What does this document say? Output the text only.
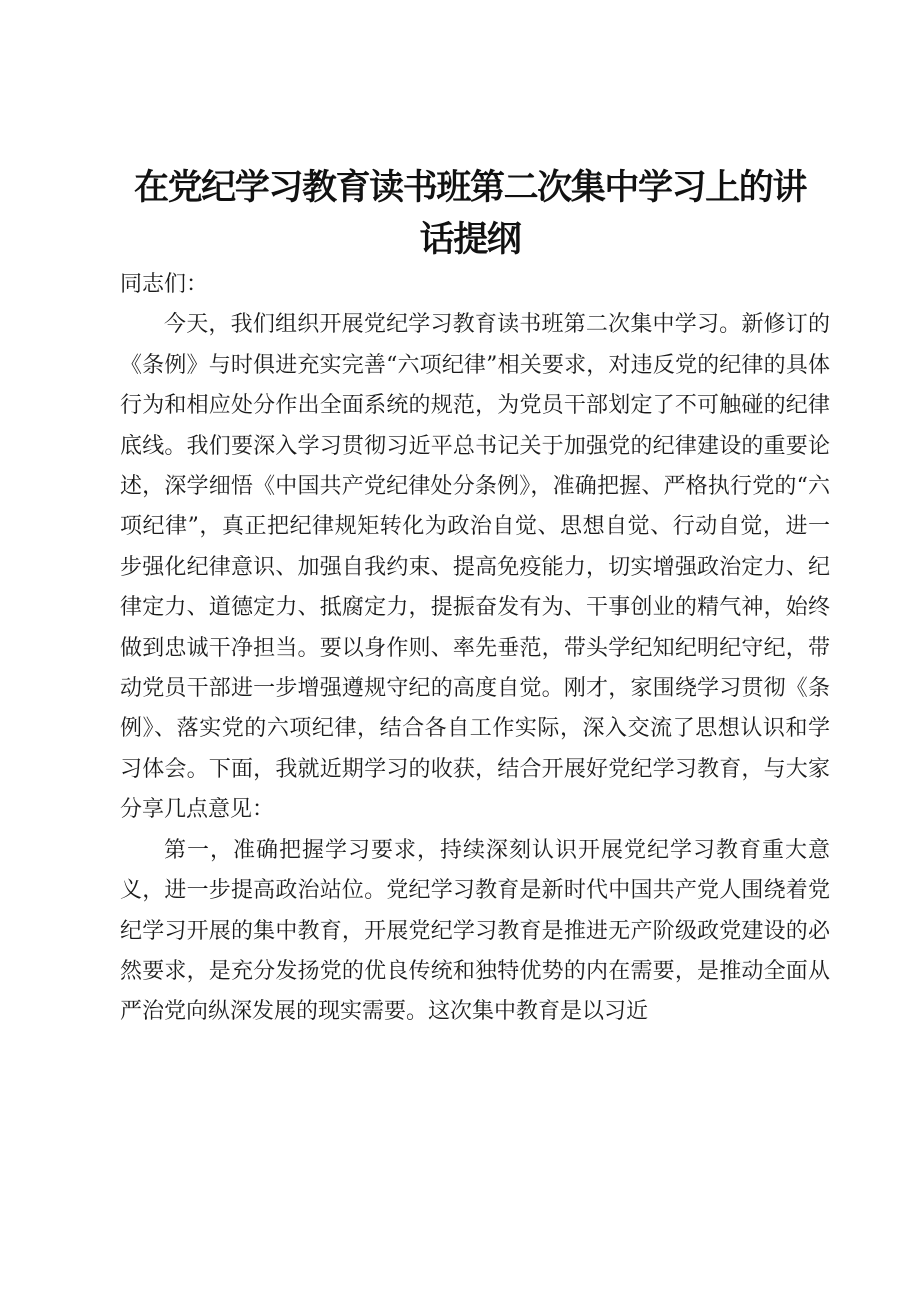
在党纪学习教育读书班第二次集中学习上的讲话提纲

同志们：

今天，我们组织开展党纪学习教育读书班第二次集中学习。新修订的《条例》与时俱进充实完善“六项纪律”相关要求，对违反党的纪律的具体行为和相应处分作出全面系统的规范，为党员干部划定了不可触碰的纪律底线。我们要深入学习贯彻习近平总书记关于加强党的纪律建设的重要论述，深学细悟《中国共产党纪律处分条例》，准确把握、严格执行党的“六项纪律”，真正把纪律规矩转化为政治自觉、思想自觉、行动自觉，进一步强化纪律意识、加强自我约束、提高免疫能力，切实增强政治定力、纪律定力、道德定力、抵腐定力，提振奋发有为、干事创业的精气神，始终做到忠诚干净担当。要以身作则、率先垂范，带头学纪知纪明纪守纪，带动党员干部进一步增强遵规守纪的高度自觉。刚才，家围绕学习贯彻《条例》、落实党的六项纪律，结合各自工作实际，深入交流了思想认识和学习体会。下面，我就近期学习的收获，结合开展好党纪学习教育，与大家分享几点意见：

第一，准确把握学习要求，持续深刻认识开展党纪学习教育重大意义，进一步提高政治站位。党纪学习教育是新时代中国共产党人围绕着党纪学习开展的集中教育，开展党纪学习教育是推进无产阶级政党建设的必然要求，是充分发扬党的优良传统和独特优势的内在需要，是推动全面从严治党向纵深发展的现实需要。这次集中教育是以习近
